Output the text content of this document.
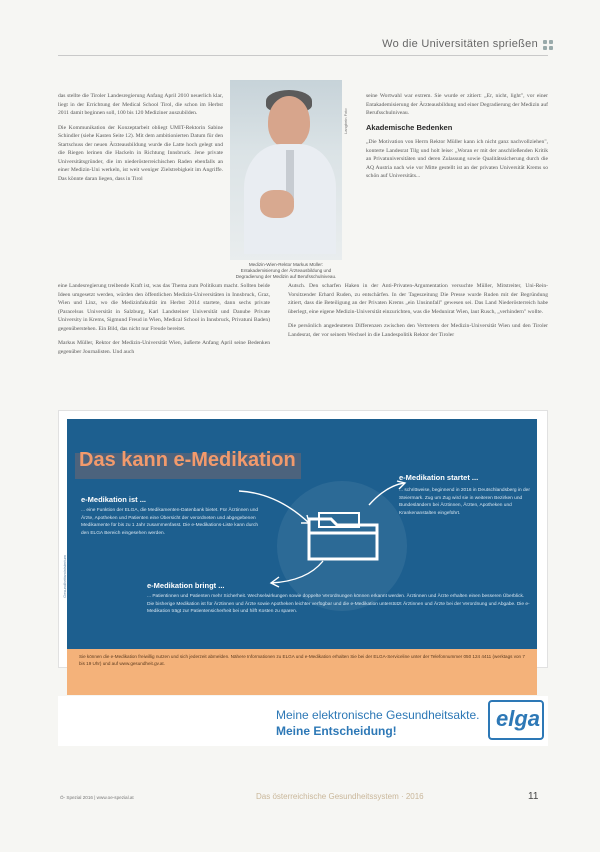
Wo die Universitäten sprießen

das stellte die Tiroler Landesregierung Anfang April 2010 neuerlich klar, liegt in der Errichtung der Medical School Tirol, die schon im Herbst 2011 damit beginnen soll, 100 bis 120 Mediziner auszubilden.

Die Kommunikation der Konzeptarbeit obliegt UMIT-Rektorin Sabine Schindler (siehe Kasten Seite 12). Mit dem ambitionierten Datum für den Startschuss der neuen Ärzteausbildung wurde die Latte hoch gelegt und die Riegen lerinen die Hackeln in Richtung Innsbruck. Jene private Universitätsgründer, die im niederösterreichischen Raden ebenfalls an einer Medizin-Uni werkeln, ist weit weniger Zielstrebigkeit im Angriffe. Das könnte daran liegen, dass in Tirol

Langbein Foto
Medizin-Wien-Rektor Markus Müller: Entakademisierung der Ärzteausbildung und Degradierung der Medizin auf Berufsschulniveau.

eine Landesregierung treibende Kraft ist, was das Thema zum Politikum macht. Sollten beide Ideen umgesetzt werden, würden den öffentlichen Medizin-Universitäten in Innsbruck, Graz, Wien und Linz, wo die Medizinfakultät im Herbst 2014 startete, dann sechs private (Paracelsus Universität in Salzburg, Karl Landsteiner Universität und Danube Private University in Krems, Sigmund Freud in Wien, Medical School in Innsbruck, Privatuni Baden) gegenüberstehen. Ein Bild, das nicht nur Freude bereitet.

Markus Müller, Rektor der Medizin-Universität Wien, äußerte Anfang April seine Bedenken gegenüber Journalisten. Und auch

seine Wortwahl war extrem. Sie wurde er zitiert: „Er, nicht, light", vor einer Entakademisierung der Ärzteausbildung und einer Degradierung der Medizin auf Berufsschulniveau.

Akademische Bedenken

„Die Motivation von Herrn Rektor Müller kann ich nicht ganz nachvollziehen", konterte Landesrat Tilg und holt leise: „Woran er mit der anschließenden Kritik an Privatuniversitäten und deren Zulassung sowie Qualitätssicherung durch die AQ Austria nach wie vor Mitte gestellt ist an der privaten Universität Krems so schön auf Universitäts...

Autsch. Den scharfen Haken in der Anti-Privaten-Argumentation versuchte Müller, Mitstreiter, Uni-Rein-Vorsitzender Erhard Ruden, zu entschärfen. In der Tageszeitung Die Presse wurde Ruden mit der Begründung zitiert, dass die Beteiligung an der Privaten Krems „ein Unsinnfall" gewesen sei. Das Land Niederösterreich habe überlegt, eine eigene Medizin-Universität einzurichten, was die Medunirat Wien, laut Rusch, „verhindern" wollte.

Die persönlich angedeuteten Differenzen zwischen den Vertretern der Medizin-Universität Wien und den Tiroler Landesrat, der vor seinem Wechsel in die Landespolitik Rektor der Tiroler

Das kann e-Medikation
e-Medikation ist ...
... eine Funktion der ELGA, die Medikamenten-Datenbank bietet. Für Ärztinnen und Ärzte, Apotheken und Patienten eine Übersicht der verordneten und abgegebenen Medikamente für bis zu 1 Jahr zusammenfasst. Die e-Medikations-Liste kann durch den ELGA Bereich eingesehen werden.
e-Medikation startet ...
... schrittweise, beginnend in 2016 in Deutschlandsberg in der Steiermark. Zug um Zug wird sie in weiteren Bezirken und Bundesländern bei Ärztinnen, Ärzten, Apotheken und Krankenanstalten eingeführt.
e-Medikation bringt ...
... Patientinnen und Patienten mehr Sicherheit. Wechselwirkungen sowie doppelte Verordnungen können erkannt werden. Ärztinnen und Ärzte erhalten einen besseren Überblick. Die bisherige Medikation ist für Ärztinnen und Ärzte sowie Apotheken leichter verfügbar und die e-Medikation unterstützt Ärztinnen und Ärzte bei der Verordnung und Abgabe. Die e-Medikation trägt zur Patientensicherheit bei und hilft Kosten zu sparen.
Sie können die e-Medikation freiwillig nutzen und sich jederzeit abmelden. Nähere Informationen zu ELGA und e-Medikation erhalten Sie bei der ELGA-Serviceline unter der Telefonnummer 050 124 4411 (werktags von 7 bis 19 Uhr) und auf www.gesundheit.gv.at.
Gesundheitsministerium
Meine elektronische Gesundheitsakte.
Meine Entscheidung!	elga
Ö- Spezial 2016 | www.oe-spezial.at	Das österreichische Gesundheitssystem · 2016	11
